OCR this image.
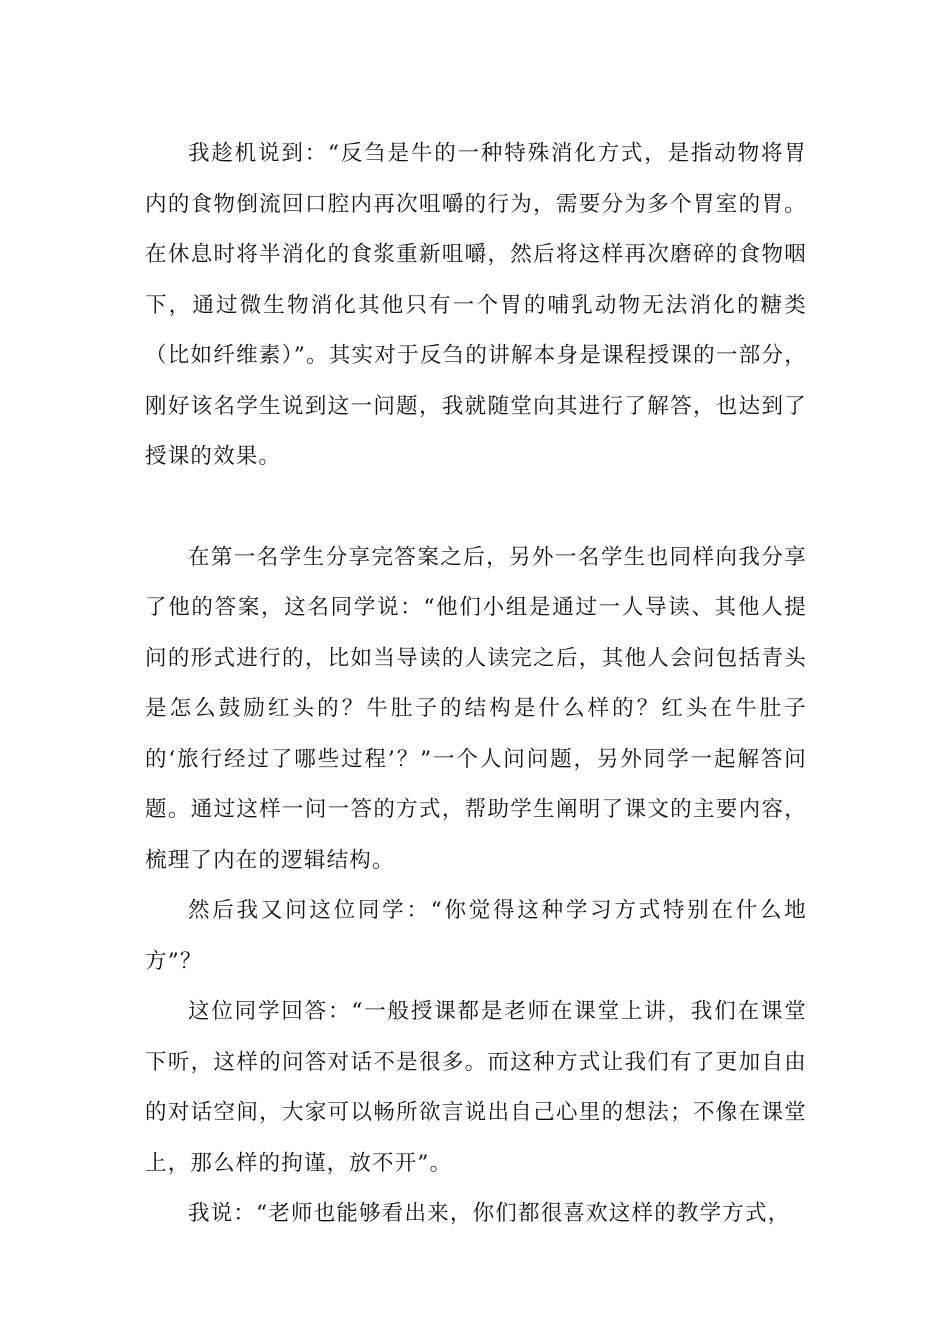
我趁机说到：“反刍是牛的一种特殊消化方式，是指动物将胃内的食物倒流回口腔内再次咀嚼的行为，需要分为多个胃室的胃。在休息时将半消化的食浆重新咀嚼，然后将这样再次磨碎的食物咽下，通过微生物消化其他只有一个胃的哺乳动物无法消化的糖类（比如纤维素）”。其实对于反刍的讲解本身是课程授课的一部分，刚好该名学生说到这一问题，我就随堂向其进行了解答，也达到了授课的效果。

在第一名学生分享完答案之后，另外一名学生也同样向我分享了他的答案，这名同学说：“他们小组是通过一人导读、其他人提问的形式进行的，比如当导读的人读完之后，其他人会问包括青头是怎么鼓励红头的？牛肚子的结构是什么样的？红头在牛肚子的‘旅行经过了哪些过程’？”一个人问问题，另外同学一起解答问题。通过这样一问一答的方式，帮助学生阐明了课文的主要内容，梳理了内在的逻辑结构。

然后我又问这位同学：“你觉得这种学习方式特别在什么地方”？

这位同学回答：“一般授课都是老师在课堂上讲，我们在课堂下听，这样的问答对话不是很多。而这种方式让我们有了更加自由的对话空间，大家可以畅所欲言说出自己心里的想法；不像在课堂上，那么样的拘谨，放不开”。

我说：“老师也能够看出来，你们都很喜欢这样的教学方式，
